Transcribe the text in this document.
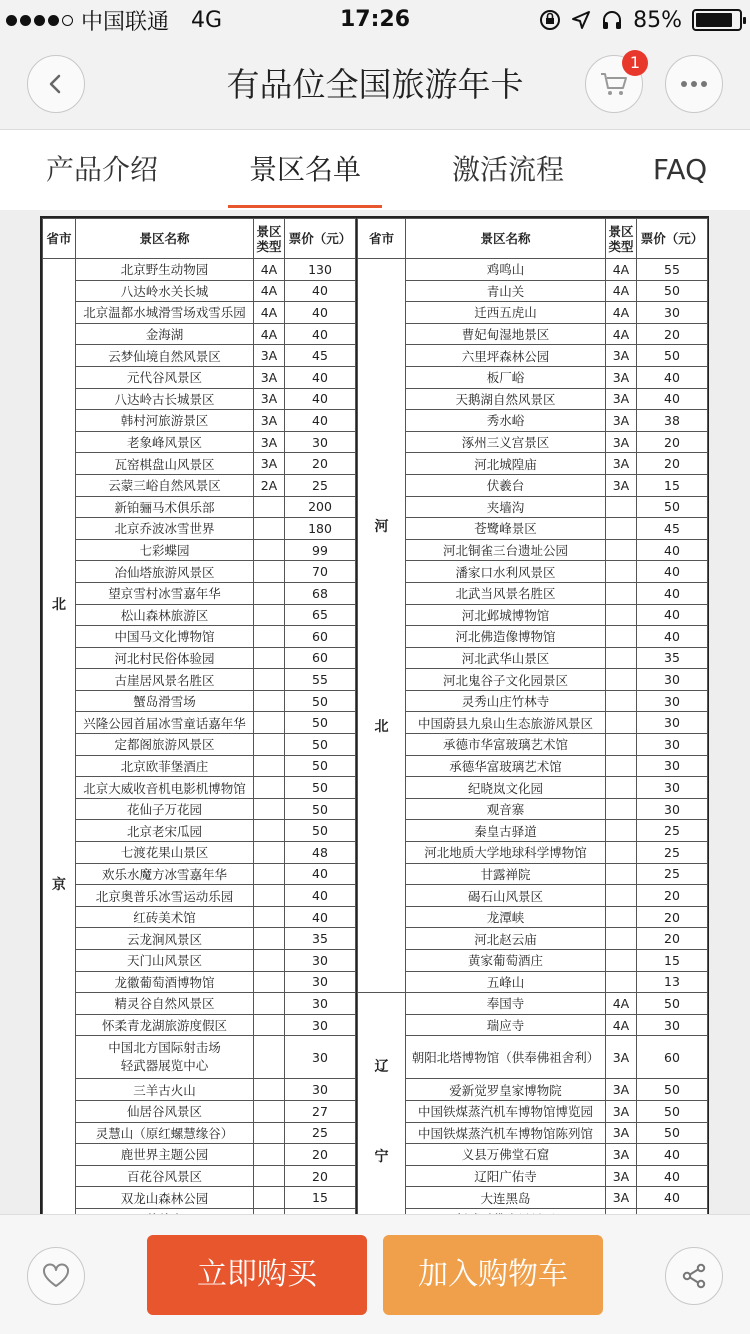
中国联通 4G	17:26	85%
有品位全国旅游年卡
1
产品介绍	景区名单	激活流程	FAQ
省市	景区名称	景区类型	票价（元）

北
京	北京野生动物园	4A	130
	八达岭水关长城	4A	40
	北京温都水城滑雪场戏雪乐园	4A	40
	金海湖	4A	40
	云梦仙境自然风景区	3A	45
	元代谷风景区	3A	40
	八达岭古长城景区	3A	40
	韩村河旅游景区	3A	40
	老象峰风景区	3A	30
	瓦窑棋盘山风景区	3A	20
	云蒙三峪自然风景区	2A	25
	新铂骊马术俱乐部		200
	北京乔波冰雪世界		180
	七彩蝶园		99
	冶仙塔旅游风景区		70
	望京雪村冰雪嘉年华		68
	松山森林旅游区		65
	中国马文化博物馆		60
	河北村民俗体验园		60
	古崖居风景名胜区		55
	蟹岛滑雪场		50
	兴隆公园首届冰雪童话嘉年华		50
	定都阁旅游风景区		50
	北京欧菲堡酒庄		50
	北京大威收音机电影机博物馆		50
	花仙子万花园		50
	北京老宋瓜园		50
	七渡花果山景区		48
	欢乐水魔方冰雪嘉年华		40
	北京奥普乐冰雪运动乐园		40
	红砖美术馆		40
	云龙涧风景区		35
	天门山风景区		30
	龙徽葡萄酒博物馆		30
	精灵谷自然风景区		30
	怀柔青龙湖旅游度假区		30
	中国北方国际射击场
轻武器展览中心		30
	三羊古火山		30
	仙居谷风景区		27
	灵慧山（原红螺慧缘谷）		25
	鹿世界主题公园		20
	百花谷风景区		20
	双龙山森林公园		15

省市	景区名称	景区类型	票价（元）

河
北	鸡鸣山	4A	55
	青山关	4A	50
	迁西五虎山	4A	30
	曹妃甸湿地景区	4A	20
	六里坪森林公园	3A	50
	板厂峪	3A	40
	天鹅湖自然风景区	3A	40
	秀水峪	3A	38
	涿州三义宫景区	3A	20
	河北城隍庙	3A	20
	伏羲台	3A	15
	夹墙沟		50
	苍鹭峰景区		45
	河北铜雀三台遗址公园		40
	潘家口水利风景区		40
	北武当风景名胜区		40
	河北邺城博物馆		40
	河北佛造像博物馆		40
	河北武华山景区		35
	河北鬼谷子文化园景区		30
	灵秀山庄竹林寺		30
	中国蔚县九泉山生态旅游风景区		30
	承德市华富玻璃艺术馆		30
	承德华富玻璃艺术馆		30
	纪晓岚文化园		30
	观音寨		30
	秦皇古驿道		25
	河北地质大学地球科学博物馆		25
	甘露禅院		25
	碣石山风景区		20
	龙潭峡		20
	河北赵云庙		20
	黄家葡萄酒庄		15
	五峰山		13

辽
宁	奉国寺	4A	50
	瑞应寺	4A	30
	朝阳北塔博物馆（供奉佛祖舍利）	3A	60
	爱新觉罗皇家博物院	3A	50
	中国铁煤蒸汽机车博物馆博览园	3A	50
	中国铁煤蒸汽机车博物馆陈列馆	3A	50
	义县万佛堂石窟	3A	40
	辽阳广佑寺	3A	40
	大连黑岛	3A	40

立即购买	加入购物车
